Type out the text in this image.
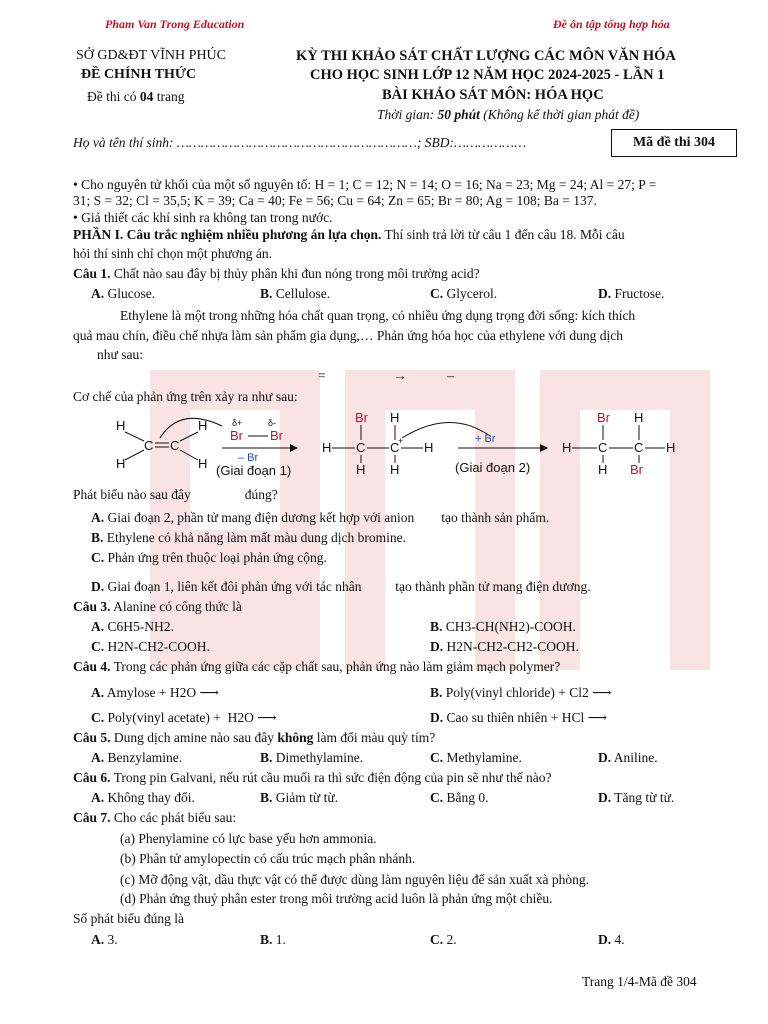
Pham Van Trong Education	Đề ôn tập tổng hợp hóa
SỞ GD&ĐT VĨNH PHÚC
ĐỀ CHÍNH THỨC
Đề thi có 04 trang
KỲ THI KHẢO SÁT CHẤT LƯỢNG CÁC MÔN VĂN HÓA
CHO HỌC SINH LỚP 12 NĂM HỌC 2024-2025 - LẦN 1
BÀI KHẢO SÁT MÔN: HÓA HỌC
Thời gian: 50 phút (Không kể thời gian phát đề)
Họ và tên thí sinh: ……………………………………………………; SBD:………………	Mã đề thi 304
• Cho nguyên tử khối của một số nguyên tố: H = 1; C = 12; N = 14; O = 16; Na = 23; Mg = 24; Al = 27; P =
31; S = 32; Cl = 35,5; K = 39; Ca = 40; Fe = 56; Cu = 64; Zn = 65; Br = 80; Ag = 108; Ba = 137.
• Giả thiết các khí sinh ra không tan trong nước.
PHẦN I. Câu trắc nghiệm nhiều phương án lựa chọn. Thí sinh trả lời từ câu 1 đến câu 18. Mỗi câu
hỏi thí sinh chỉ chọn một phương án.
Câu 1. Chất nào sau đây bị thủy phân khi đun nóng trong môi trường acid?
A. Glucose.	B. Cellulose.	C. Glycerol.	D. Fructose.
Ethylene là một trong những hóa chất quan trọng, có nhiều ứng dụng trọng đời sống: kích thích
quả mau chín, điều chế nhựa làm sản phẩm gia dụng,… Phản ứng hóa học của ethylene với dung dịch
như sau:
=                    →            –
Cơ chế của phản ứng trên xảy ra như sau:
H
H
C C
H
H
δ+	δ-
Br Br
– Br
(Giai đoạn 1)
Br H
H C C H
H H
+	+ Br
(Giai đoạn 2)
Br H
H C C H
H Br
Phát biểu nào sau đây                đúng?
A. Giai đoạn 2, phần tử mang điện dương kết hợp với anion        tạo thành sản phẩm.
B. Ethylene có khả năng làm mất màu dung dịch bromine.
C. Phản ứng trên thuộc loại phản ứng cộng.
D. Giai đoạn 1, liên kết đôi phản ứng với tác nhân          tạo thành phần tử mang điện dương.
Câu 3. Alanine có công thức là
A. C6H5-NH2.	B. CH3-CH(NH2)-COOH.
C. H2N-CH2-COOH.	D. H2N-CH2-CH2-COOH.
Câu 4. Trong các phản ứng giữa các cặp chất sau, phản ứng nào làm giảm mạch polymer?
A. Amylose + H2O ⟶	B. Poly(vinyl chloride) + Cl2 ⟶
C. Poly(vinyl acetate) +  H2O ⟶	D. Cao su thiên nhiên + HCl ⟶
Câu 5. Dung dịch amine nào sau đây không làm đổi màu quỳ tím?
A. Benzylamine.	B. Dimethylamine.	C. Methylamine.	D. Aniline.
Câu 6. Trong pin Galvani, nếu rút cầu muối ra thì sức điện động của pin sẽ như thế nào?
A. Không thay đổi.	B. Giảm từ từ.	C. Bằng 0.	D. Tăng từ từ.
Câu 7. Cho các phát biểu sau:
(a) Phenylamine có lực base yếu hơn ammonia.
(b) Phân tử amylopectin có cấu trúc mạch phân nhánh.
(c) Mỡ động vật, dầu thực vật có thể được dùng làm nguyên liệu để sản xuất xà phòng.
(d) Phản ứng thuỷ phân ester trong môi trường acid luôn là phản ứng một chiều.
Số phát biểu đúng là
A. 3.	B. 1.	C. 2.	D. 4.
Trang 1/4-Mã đề 304
